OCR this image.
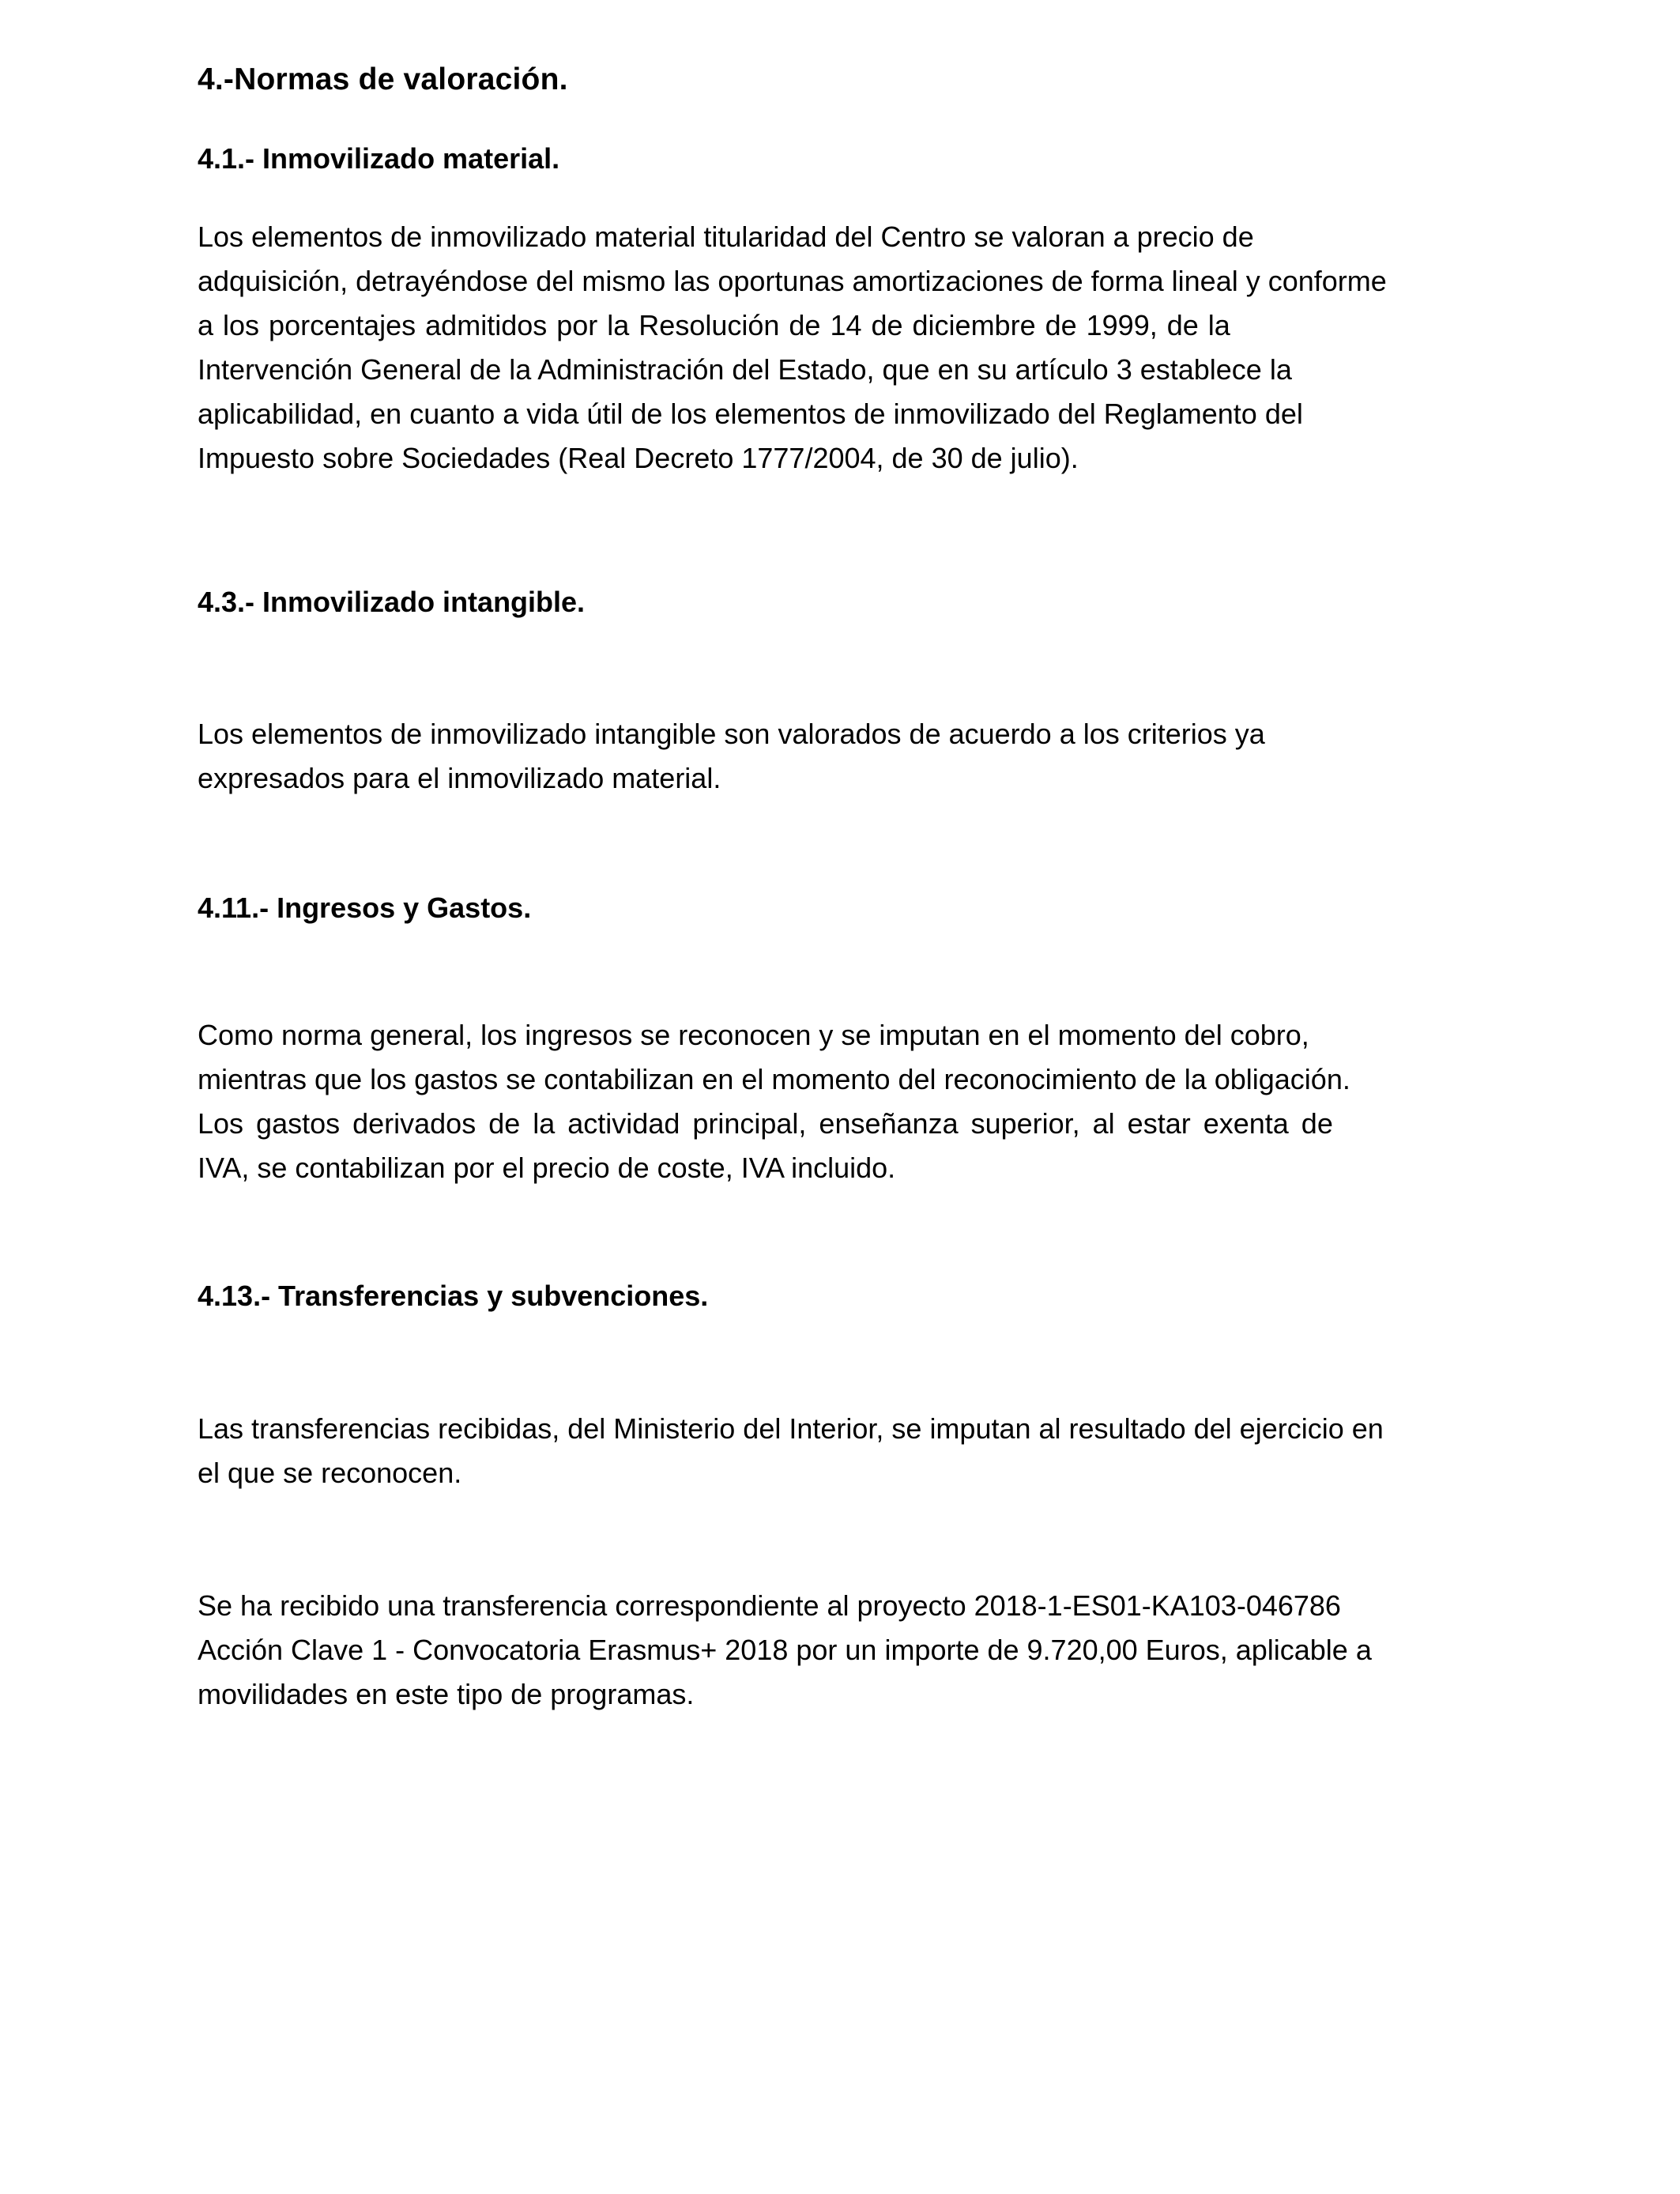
4.-Normas de valoración.
4.1.- Inmovilizado material.

Los elementos de inmovilizado material titularidad del Centro se valoran a precio de
adquisición, detrayéndose del mismo las oportunas amortizaciones de forma lineal y conforme
a los porcentajes admitidos por la Resolución de 14 de diciembre de 1999, de la
Intervención General de la Administración del Estado, que en su artículo 3 establece la
aplicabilidad, en cuanto a vida útil de los elementos de inmovilizado del Reglamento del
Impuesto sobre Sociedades (Real Decreto 1777/2004, de 30 de julio).

4.3.- Inmovilizado intangible.

Los elementos de inmovilizado intangible son valorados de acuerdo a los criterios ya
expresados para el inmovilizado material.

4.11.- Ingresos y Gastos.

Como norma general, los ingresos se reconocen y se imputan en el momento del cobro,
mientras que los gastos se contabilizan en el momento del reconocimiento de la obligación.
Los gastos derivados de la actividad principal, enseñanza superior, al estar exenta de
IVA, se contabilizan por el precio de coste, IVA incluido.

4.13.- Transferencias y subvenciones.

Las transferencias recibidas, del Ministerio del Interior, se imputan al resultado del ejercicio en
el que se reconocen.

Se ha recibido una transferencia correspondiente al proyecto 2018-1-ES01-KA103-046786
Acción Clave 1 - Convocatoria Erasmus+ 2018 por un importe de 9.720,00 Euros, aplicable a
movilidades en este tipo de programas.
